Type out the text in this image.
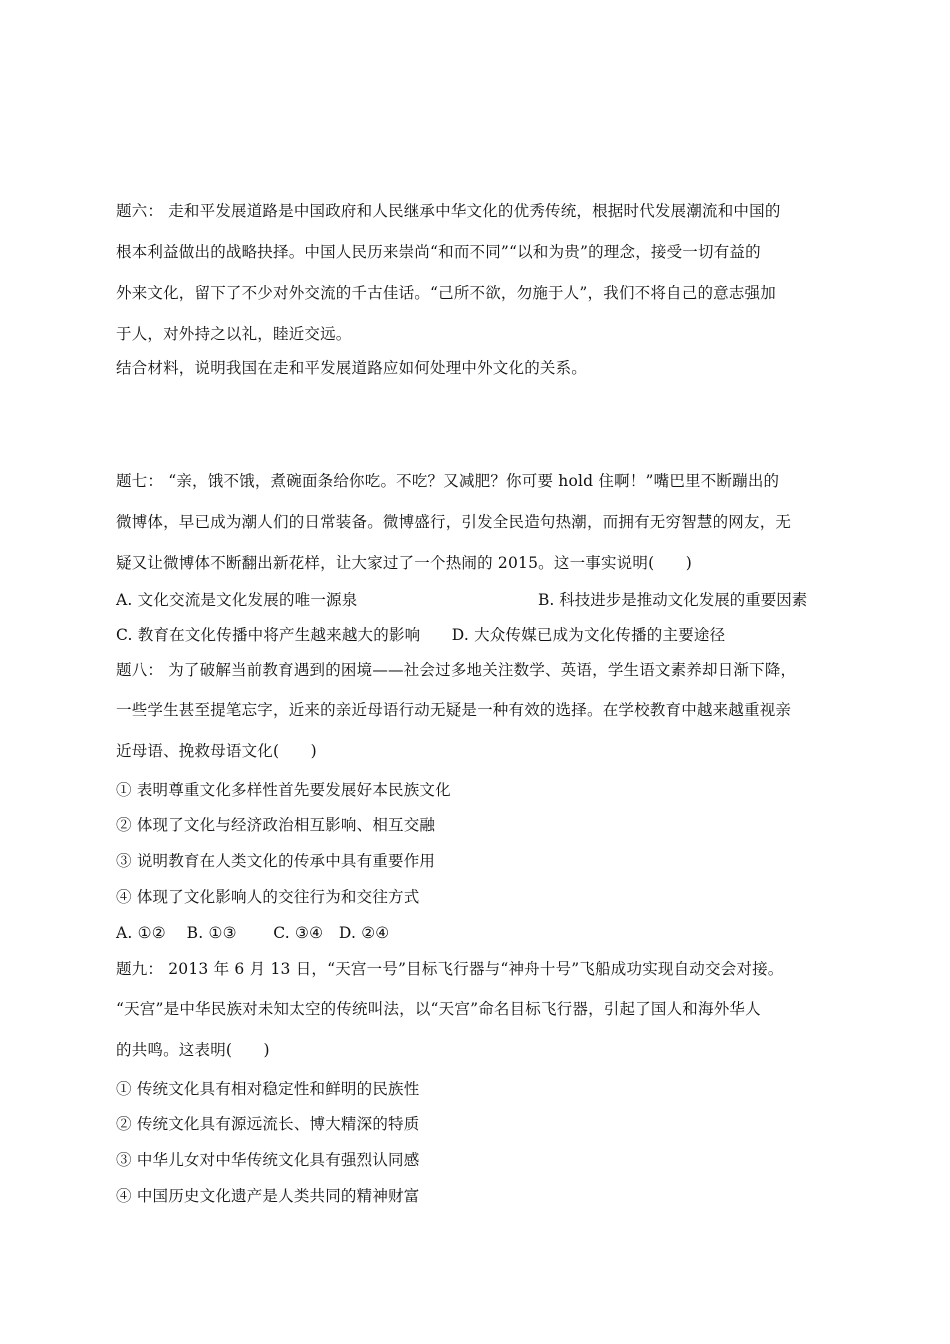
题六： 走和平发展道路是中国政府和人民继承中华文化的优秀传统，根据时代发展潮流和中国的
根本利益做出的战略抉择。中国人民历来崇尚“和而不同”“以和为贵”的理念，接受一切有益的
外来文化，留下了不少对外交流的千古佳话。“己所不欲，勿施于人”，我们不将自己的意志强加
于人，对外持之以礼，睦近交远。
结合材料，说明我国在走和平发展道路应如何处理中外文化的关系。
题七： “亲，饿不饿，煮碗面条给你吃。不吃？又减肥？你可要 hold 住啊！”嘴巴里不断蹦出的
微博体，早已成为潮人们的日常装备。微博盛行，引发全民造句热潮，而拥有无穷智慧的网友，无
疑又让微博体不断翻出新花样，让大家过了一个热闹的 2015。这一事实说明(　　)
A. 文化交流是文化发展的唯一源泉	B. 科技进步是推动文化发展的重要因素
C. 教育在文化传播中将产生越来越大的影响　　D. 大众传媒已成为文化传播的主要途径
题八： 为了破解当前教育遇到的困境——社会过多地关注数学、英语，学生语文素养却日渐下降，
一些学生甚至提笔忘字，近来的亲近母语行动无疑是一种有效的选择。在学校教育中越来越重视亲
近母语、挽救母语文化(　　)
① 表明尊重文化多样性首先要发展好本民族文化
② 体现了文化与经济政治相互影响、相互交融
③ 说明教育在人类文化的传承中具有重要作用
④ 体现了文化影响人的交往行为和交往方式
A. ①②　 B. ①③　　 C. ③④　D. ②④
题九： 2013 年 6 月 13 日，“天宫一号”目标飞行器与“神舟十号”飞船成功实现自动交会对接。
“天宫”是中华民族对未知太空的传统叫法，以“天宫”命名目标飞行器，引起了国人和海外华人
的共鸣。这表明(　　)
① 传统文化具有相对稳定性和鲜明的民族性
② 传统文化具有源远流长、博大精深的特质
③ 中华儿女对中华传统文化具有强烈认同感
④ 中国历史文化遗产是人类共同的精神财富
